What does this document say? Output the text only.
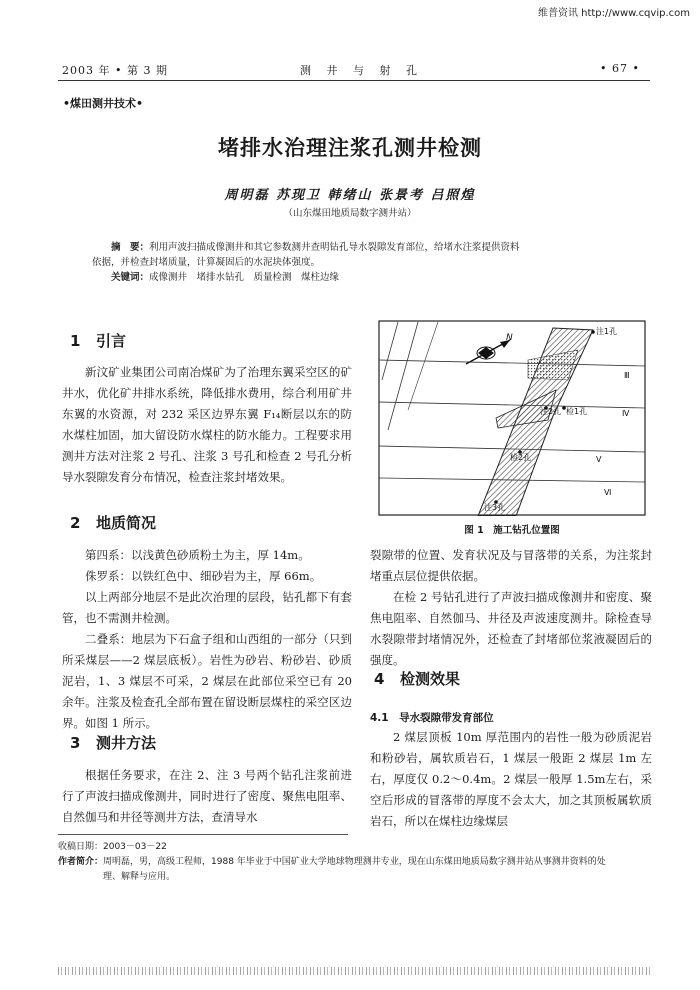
维普资讯 http://www.cqvip.com
2003 年 • 第 3 期	测 井 与 射 孔	• 67 •
•煤田测井技术•
堵排水治理注浆孔测井检测
周明磊 苏现卫 韩绪山 张景考 吕照煌
（山东煤田地质局数字测井站）
摘　要：利用声波扫描成像测井和其它参数测井查明钻孔导水裂隙发育部位，给堵水注浆提供资料
依据，并检查封堵质量，计算凝固后的水泥块体强度。
关键词：成像测井　堵排水钻孔　质量检测　煤柱边缘
1 引言

新汶矿业集团公司南冶煤矿为了治理东翼采空区的矿井水，优化矿井排水系统，降低排水费用，综合利用矿井东翼的水资源，对 232 采区边界东翼 F₁₄断层以东的防水煤柱加固，加大留设防水煤柱的防水能力。工程要求用测井方法对注浆 2 号孔、注浆 3 号孔和检查 2 号孔分析导水裂隙发育分布情况，检查注浆封堵效果。

2 地质简况

第四系：以浅黄色砂质粉土为主，厚 14m。

侏罗系：以铁红色中、细砂岩为主，厚 66m。

以上两部分地层不是此次治理的层段，钻孔都下有套管，也不需测井检测。

二叠系：地层为下石盒子组和山西组的一部分（只到所采煤层——2 煤层底板）。岩性为砂岩、粉砂岩、砂质泥岩，1、3 煤层不可采，2 煤层在此部位采空已有 20 余年。注浆及检查孔全部布置在留设断层煤柱的采空区边界。如图 1 所示。

3 测井方法

根据任务要求，在注 2、注 3 号两个钻孔注浆前进行了声波扫描成像测井，同时进行了密度、聚焦电阻率、自然伽马和井径等测井方法，查清导水

N
注1孔
注2孔 检1孔
检2孔
注3孔
Ⅲ
Ⅳ
Ⅴ
Ⅵ
图 1　施工钻孔位置图

裂隙带的位置、发育状况及与冒落带的关系，为注浆封堵重点层位提供依据。

在检 2 号钻孔进行了声波扫描成像测井和密度、聚焦电阻率、自然伽马、井径及声波速度测井。除检查导水裂隙带封堵情况外，还检查了封堵部位浆液凝固后的强度。

4 检测效果
4.1　导水裂隙带发育部位

2 煤层顶板 10m 厚范围内的岩性一般为砂质泥岩和粉砂岩，属软质岩石，1 煤层一般距 2 煤层 1m 左右，厚度仅 0.2～0.4m。2 煤层一般厚 1.5m左右，采空后形成的冒落带的厚度不会太大，加之其顶板属软质岩石，所以在煤柱边缘煤层

收稿日期：2003－03－22
作者简介：周明磊，男，高级工程师，1988 年毕业于中国矿业大学地球物理测井专业，现在山东煤田地质局数字测井站从事测井资料的处
理、解释与应用。
